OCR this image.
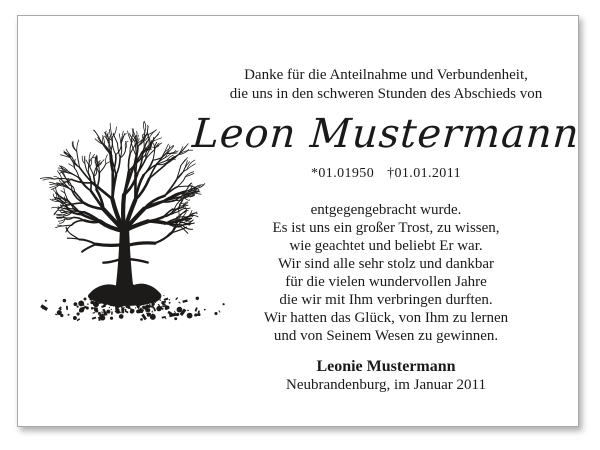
Danke für die Anteilnahme und Verbundenheit,
die uns in den schweren Stunden des Abschieds von
Leon Mustermann
*01.01950 †01.01.2011
entgegengebracht wurde.
Es ist uns ein großer Trost, zu wissen,
wie geachtet und beliebt Er war.
Wir sind alle sehr stolz und dankbar
für die vielen wundervollen Jahre
die wir mit Ihm verbringen durften.
Wir hatten das Glück, von Ihm zu lernen
und von Seinem Wesen zu gewinnen.
Leonie Mustermann
Neubrandenburg, im Januar 2011
